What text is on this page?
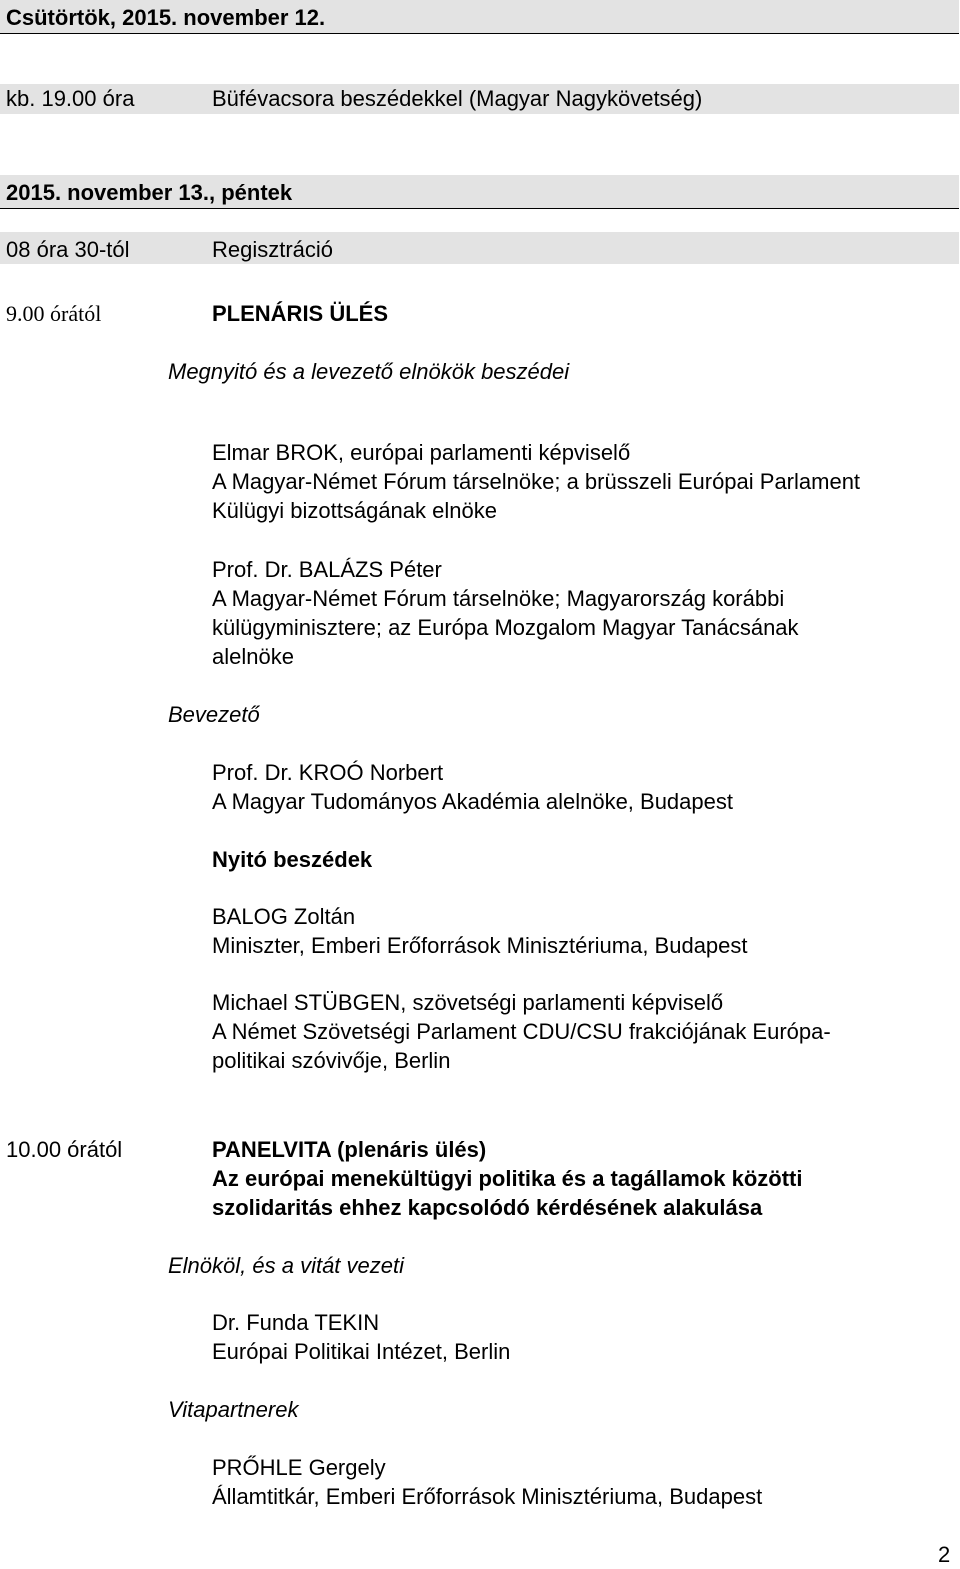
Csütörtök, 2015. november 12.
kb. 19.00 óra	Büfévacsora beszédekkel (Magyar Nagykövetség)
2015. november 13., péntek
08 óra 30-tól	Regisztráció
9.00 órától	PLENÁRIS ÜLÉS
Megnyitó és a levezető elnökök beszédei
Elmar BROK, európai parlamenti képviselő
A Magyar-Német Fórum társelnöke; a brüsszeli Európai Parlament
Külügyi bizottságának elnöke
Prof. Dr. BALÁZS Péter
A Magyar-Német Fórum társelnöke; Magyarország korábbi
külügyminisztere; az Európa Mozgalom Magyar Tanácsának
alelnöke
Bevezető
Prof. Dr. KROÓ Norbert
A Magyar Tudományos Akadémia alelnöke, Budapest
Nyitó beszédek
BALOG Zoltán
Miniszter, Emberi Erőforrások Minisztériuma, Budapest
Michael STÜBGEN, szövetségi parlamenti képviselő
A Német Szövetségi Parlament CDU/CSU frakciójának Európa-
politikai szóvivője, Berlin
10.00 órától	PANELVITA (plenáris ülés)
Az európai menekültügyi politika és a tagállamok közötti
szolidaritás ehhez kapcsolódó kérdésének alakulása
Elnököl, és a vitát vezeti
Dr. Funda TEKIN
Európai Politikai Intézet, Berlin
Vitapartnerek
PRŐHLE Gergely
Államtitkár, Emberi Erőforrások Minisztériuma, Budapest
2
